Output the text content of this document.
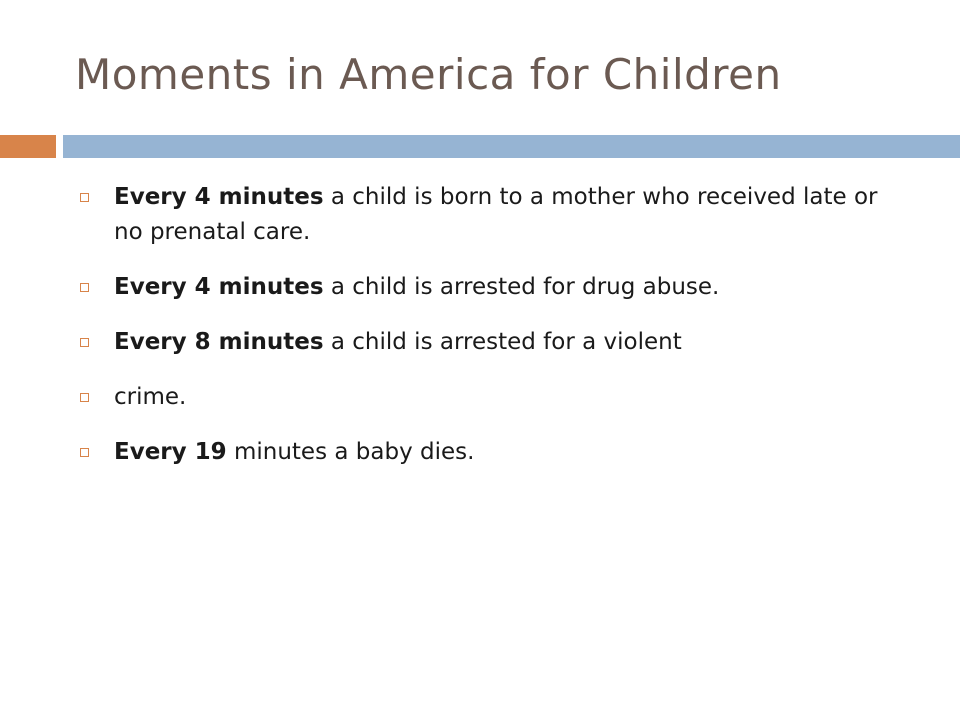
Moments in America for Children
Every 4 minutes a child is born to a mother who received late or no prenatal care.
Every 4 minutes a child is arrested for drug abuse.
Every 8 minutes a child is arrested for a violent
crime.
Every 19 minutes a baby dies.
